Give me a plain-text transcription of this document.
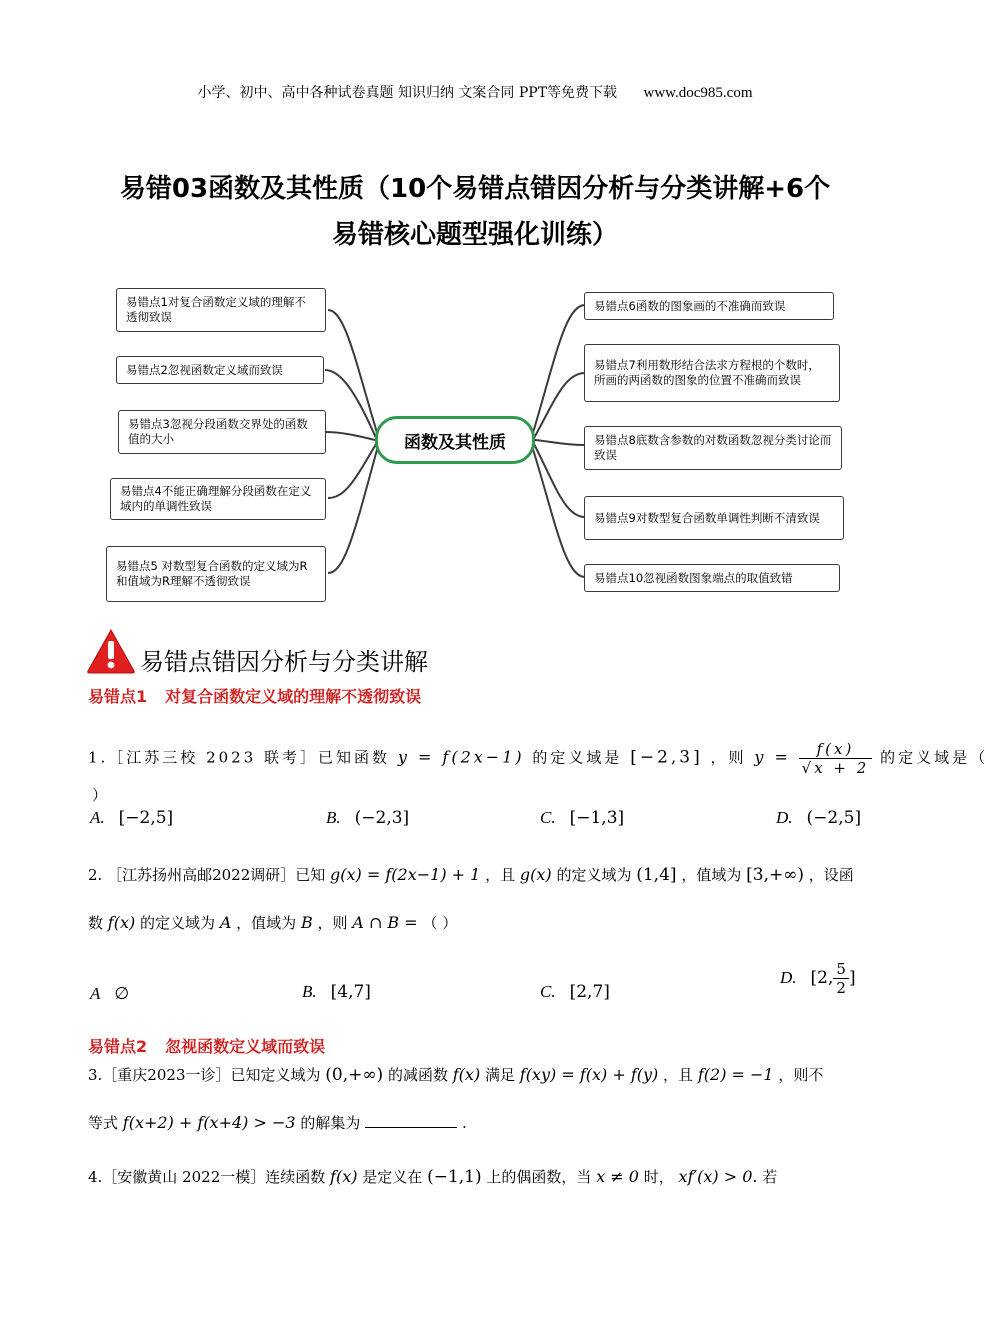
小学、初中、高中各种试卷真题 知识归纳 文案合同 PPT等免费下载 www.doc985.com
易错03函数及其性质（10个易错点错因分析与分类讲解+6个
易错核心题型强化训练）
易错点1对复合函数定义域的理解不透彻致误
易错点2忽视函数定义域而致误
易错点3忽视分段函数交界处的函数值的大小
易错点4不能正确理解分段函数在定义域内的单调性致误
易错点5 对数型复合函数的定义域为R和值域为R理解不透彻致误
函数及其性质
易错点6函数的图象画的不准确而致误
易错点7利用数形结合法求方程根的个数时，所画的两函数的图象的位置不准确而致误
易错点8底数含参数的对数函数忽视分类讨论而致误
易错点9对数型复合函数单调性判断不清致误
易错点10忽视函数图象端点的取值致错
易错点错因分析与分类讲解
易错点1 对复合函数定义域的理解不透彻致误
1.［江苏三校 2023 联考］已知函数 y = f(2x−1) 的定义域是 [−2,3] ，则 $y = \frac{f(x)}{√x + 2}$ 的定义域是（
）
A. [−2,5]	B. (−2,3]	C. [−1,3]	D. (−2,5]
2. ［江苏扬州高邮2022调研］已知 g(x) = f(2x−1) + 1 ，且 g(x) 的定义域为 (1,4] ，值域为 [3,+∞) ，设函
数 f(x) 的定义域为 A ，值域为 B ，则 A ∩ B = （ ）
A ∅	B. [4,7]	C. [2,7]
D. [2, $\frac{5}{2}$ ]
易错点2 忽视函数定义域而致误
3.［重庆2023一诊］已知定义域为 (0,+∞) 的减函数 f(x) 满足 f(xy) = f(x) + f(y) ，且 f(2) = −1 ，则不
等式 f(x+2) + f(x+4) > −3 的解集为	.
4.［安徽黄山 2022一模］连续函数 f(x) 是定义在 (−1,1) 上的偶函数，当 x ≠ 0 时， xf′(x) > 0. 若
